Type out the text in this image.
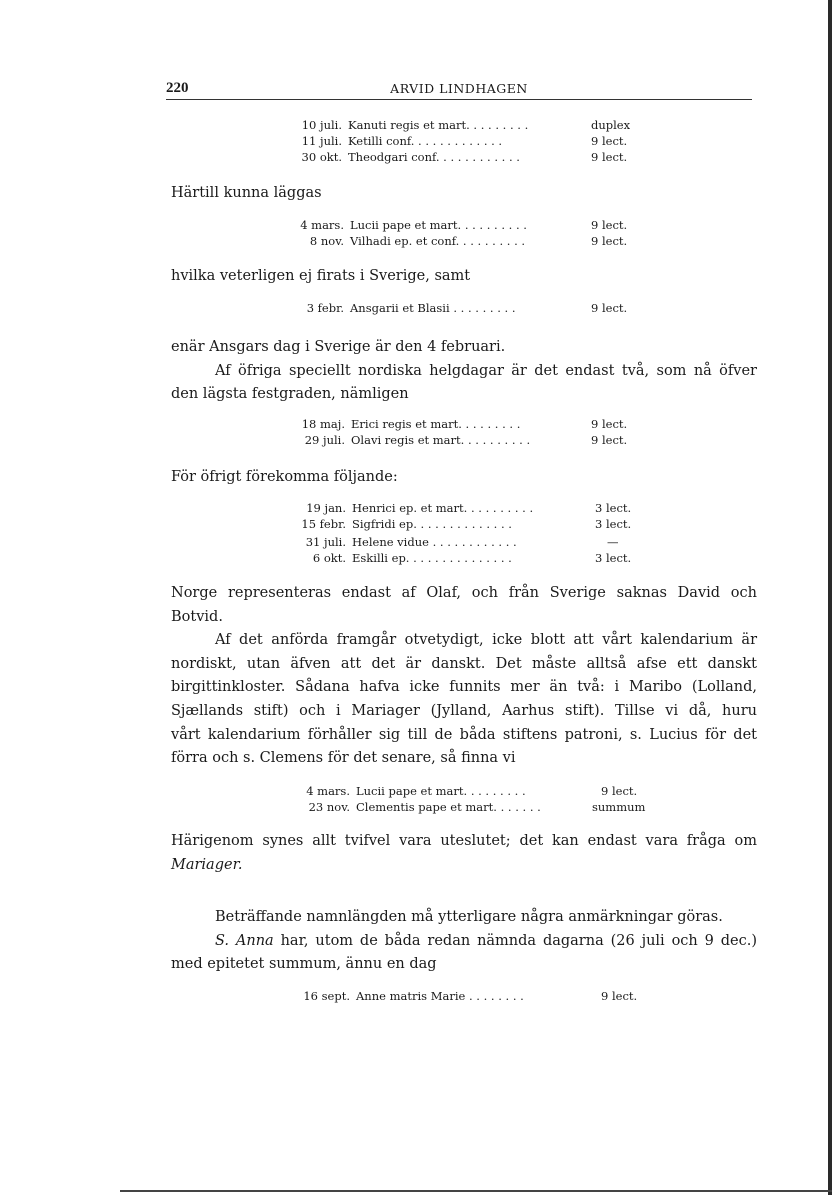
220	ARVID LINDHAGEN
10 juli. Kanuti regis et mart. . . . . . . . .	duplex
11 juli. Ketilli conf. . . . . . . . . . . . .	9 lect.
30 okt. Theodgari conf. . . . . . . . . . . .	9 lect.
Härtill kunna läggas
4 mars. Lucii pape et mart. . . . . . . . . .	9 lect.
8 nov. Vilhadi ep. et conf. . . . . . . . . .	9 lect.
hvilka veterligen ej firats i Sverige, samt
3 febr. Ansgarii et Blasii . . . . . . . . .	9 lect.
enär Ansgars dag i Sverige är den 4 februari.
Af öfriga speciellt nordiska helgdagar är det endast två, som nå öfver
den lägsta festgraden, nämligen
18 maj. Erici regis et mart. . . . . . . . .	9 lect.
29 juli. Olavi regis et mart. . . . . . . . . .	9 lect.
För öfrigt förekomma följande:
19 jan. Henrici ep. et mart. . . . . . . . . .	3 lect.
15 febr. Sigfridi ep. . . . . . . . . . . . . .	3 lect.
31 juli. Helene vidue . . . . . . . . . . . .	—
6 okt. Eskilli ep. . . . . . . . . . . . . . .	3 lect.
Norge representeras endast af Olaf, och från Sverige saknas David och
Botvid.
Af det anförda framgår otvetydigt, icke blott att vårt kalendarium är
nordiskt, utan äfven att det är danskt. Det måste alltså afse ett danskt
birgittinkloster. Sådana hafva icke funnits mer än två: i Maribo (Lolland,
Sjællands stift) och i Mariager (Jylland, Aarhus stift). Tillse vi då, huru
vårt kalendarium förhåller sig till de båda stiftens patroni, s. Lucius för det
förra och s. Clemens för det senare, så finna vi
4 mars. Lucii pape et mart. . . . . . . . .	9 lect.
23 nov. Clementis pape et mart. . . . . . .	summum
Härigenom synes allt tvifvel vara uteslutet; det kan endast vara fråga om
Mariager.
Beträffande namnlängden må ytterligare några anmärkningar göras.
S. Anna har, utom de båda redan nämnda dagarna (26 juli och 9 dec.)
med epitetet summum, ännu en dag
16 sept. Anne matris Marie . . . . . . . .	9 lect.
